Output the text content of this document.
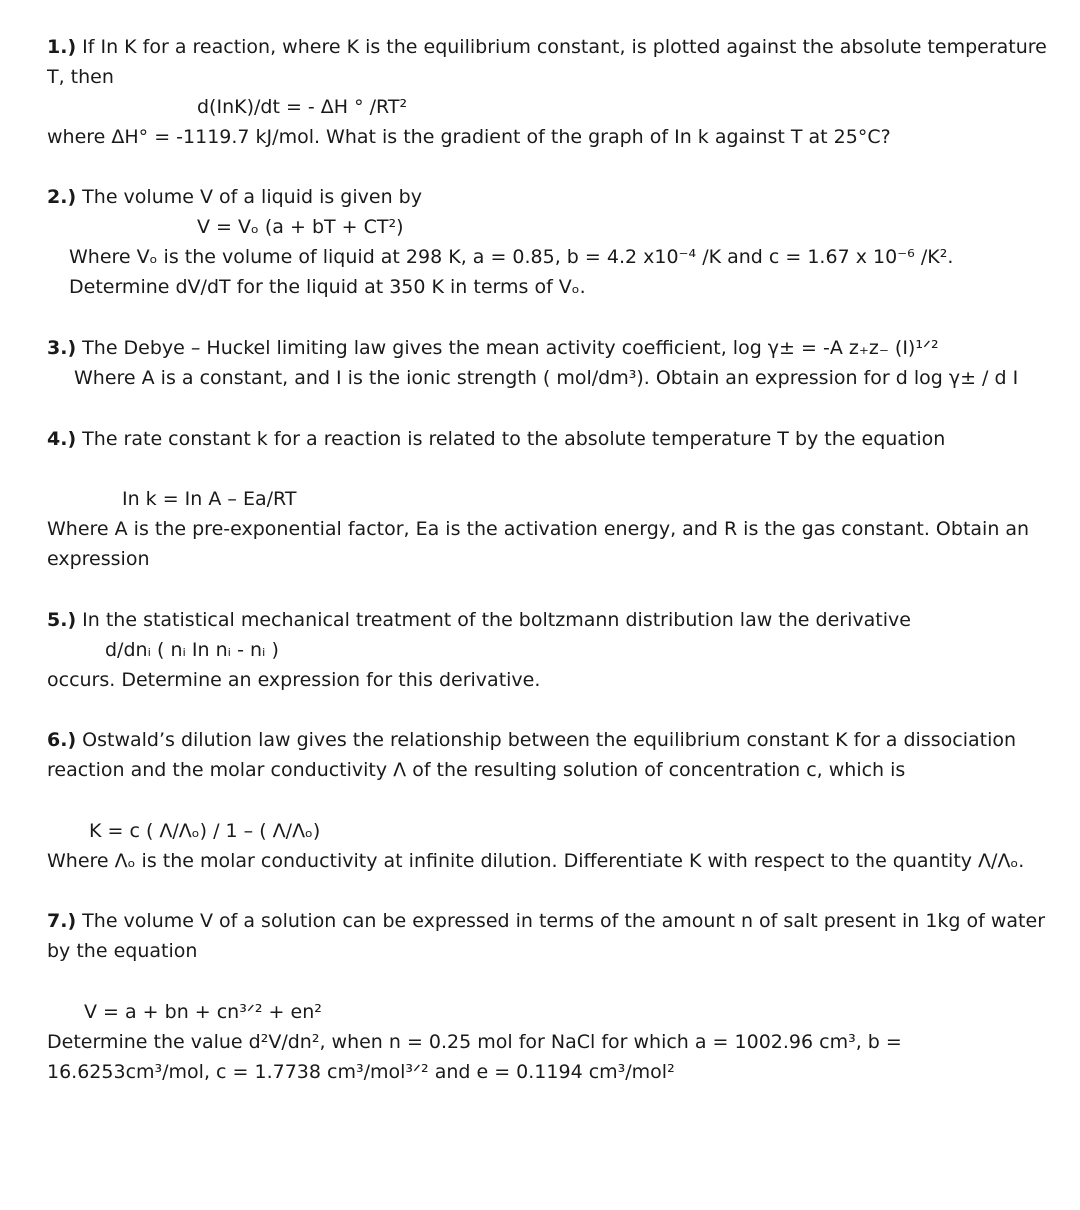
1.) If In K for a reaction, where K is the equilibrium constant, is plotted against the absolute temperature
T, then
d(InK)/dt = - ΔH ° /RT²
where ΔH° = -1119.7 kJ/mol. What is the gradient of the graph of In k against T at 25°C?
2.) The volume V of a liquid is given by
V = Vₒ (a + bT + CT²)
Where Vₒ is the volume of liquid at 298 K, a = 0.85, b = 4.2 x10⁻⁴ /K and c = 1.67 x 10⁻⁶ /K².
Determine dV/dT for the liquid at 350 K in terms of Vₒ.
3.) The Debye – Huckel limiting law gives the mean activity coefficient, log γ± = -A z₊z₋ (I)¹ᐟ²
Where A is a constant, and I is the ionic strength ( mol/dm³). Obtain an expression for d log γ± / d I
4.) The rate constant k for a reaction is related to the absolute temperature T by the equation
In k = In A – Ea/RT
Where A is the pre-exponential factor, Ea is the activation energy, and R is the gas constant. Obtain an
expression
5.) In the statistical mechanical treatment of the boltzmann distribution law the derivative
d/dnᵢ ( nᵢ In nᵢ - nᵢ )
occurs. Determine an expression for this derivative.
6.) Ostwald’s dilution law gives the relationship between the equilibrium constant K for a dissociation
reaction and the molar conductivity Λ of the resulting solution of concentration c, which is
K = c ( Λ/Λₒ) / 1 – ( Λ/Λₒ)
Where Λₒ is the molar conductivity at infinite dilution. Differentiate K with respect to the quantity Λ/Λₒ.
7.) The volume V of a solution can be expressed in terms of the amount n of salt present in 1kg of water
by the equation
V = a + bn + cn³ᐟ² + en²
Determine the value d²V/dn², when n = 0.25 mol for NaCl for which a = 1002.96 cm³, b =
16.6253cm³/mol, c = 1.7738 cm³/mol³ᐟ² and e = 0.1194 cm³/mol²
